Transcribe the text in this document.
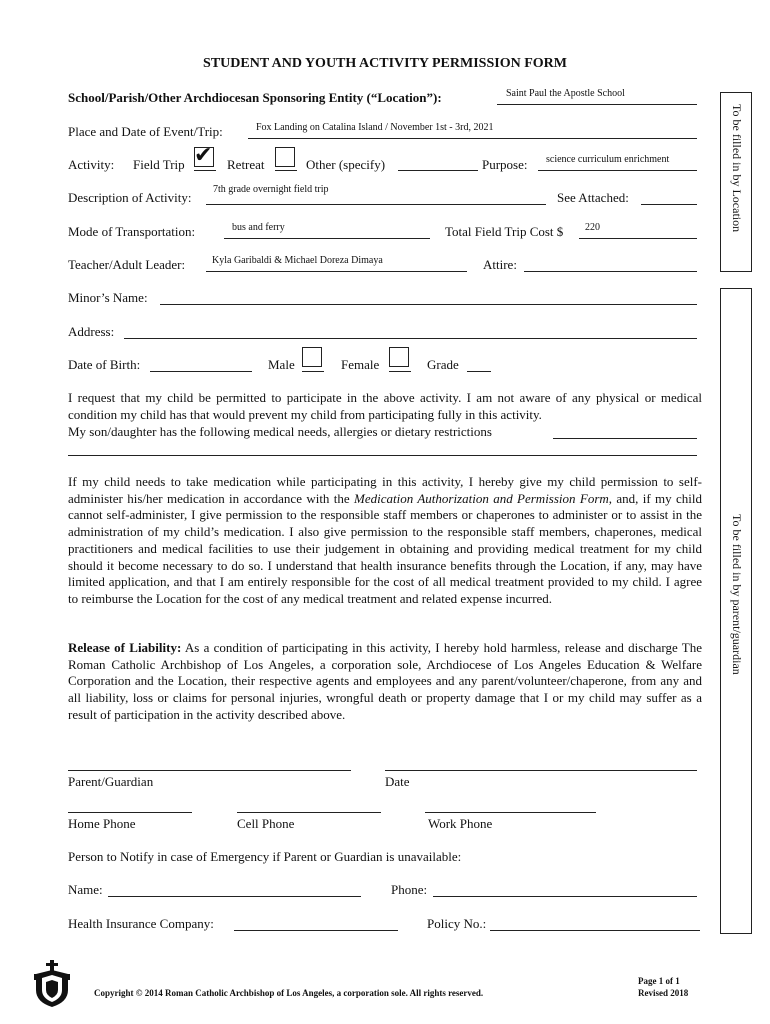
STUDENT AND YOUTH ACTIVITY PERMISSION FORM
To be filled in by Location
To be filled in by parent/guardian
School/Parish/Other Archdiocesan Sponsoring Entity (“Location”):	Saint Paul the Apostle School
Place and Date of Event/Trip:	Fox Landing on Catalina Island / November 1st - 3rd, 2021
Activity: Field Trip ✔ Retreat	Other (specify)	Purpose: science curriculum enrichment
Description of Activity:
7th grade overnight field trip
See Attached:
Mode of Transportation:	bus and ferry	Total Field Trip Cost $ 220
Teacher/Adult Leader:	Kyla Garibaldi & Michael Doreza Dimaya	Attire:
Minor’s Name:
Address:
Date of Birth:	Male	Female	Grade
I request that my child be permitted to participate in the above activity. I am not aware of any physical or medical condition my child has that would prevent my child from participating fully in this activity.
My son/daughter has the following medical needs, allergies or dietary restrictions
If my child needs to take medication while participating in this activity, I hereby give my child permission to self-administer his/her medication in accordance with the Medication Authorization and Permission Form, and, if my child cannot self-administer, I give permission to the responsible staff members or chaperones to administer or to assist in the administration of my child’s medication. I also give permission to the responsible staff members, chaperones, medical practitioners and medical facilities to use their judgement in obtaining and providing medical treatment for my child should it become necessary to do so. I understand that health insurance benefits through the Location, if any, may have limited application, and that I am entirely responsible for the cost of all medical treatment provided to my child. I agree to reimburse the Location for the cost of any medical treatment and related expense incurred.
Release of Liability: As a condition of participating in this activity, I hereby hold harmless, release and discharge The Roman Catholic Archbishop of Los Angeles, a corporation sole, Archdiocese of Los Angeles Education & Welfare Corporation and the Location, their respective agents and employees and any parent/volunteer/chaperone, from any and all liability, loss or claims for personal injuries, wrongful death or property damage that I or my child may suffer as a result of participation in the activity described above.
Parent/Guardian	Date
Home Phone	Cell Phone	Work Phone
Person to Notify in case of Emergency if Parent or Guardian is unavailable:
Name:	Phone:
Health Insurance Company:	Policy No.:
Copyright © 2014 Roman Catholic Archbishop of Los Angeles, a corporation sole. All rights reserved.
Page 1 of 1
Revised 2018
